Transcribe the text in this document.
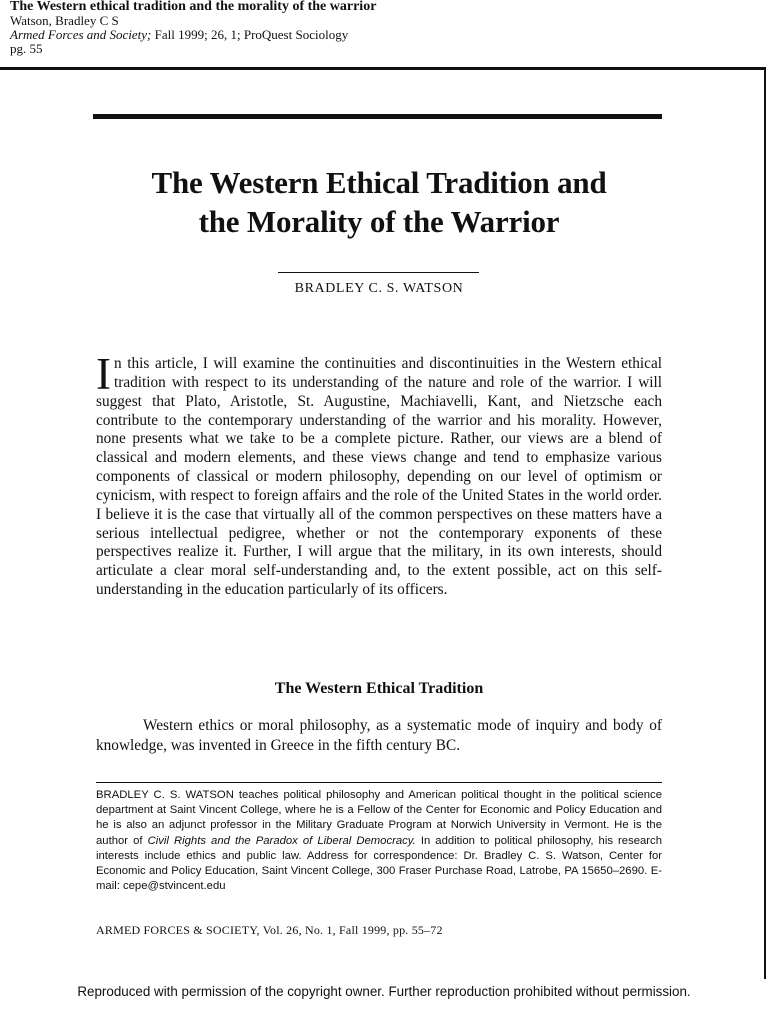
The Western ethical tradition and the morality of the warrior
Watson, Bradley C S
Armed Forces and Society; Fall 1999; 26, 1; ProQuest Sociology
pg. 55
The Western Ethical Tradition and
the Morality of the Warrior
BRADLEY C. S. WATSON

In this article, I will examine the continuities and discontinuities in the Western ethical tradition with respect to its understanding of the nature and role of the warrior. I will suggest that Plato, Aristotle, St. Augustine, Machiavelli, Kant, and Nietzsche each contribute to the contemporary understanding of the warrior and his morality. However, none presents what we take to be a complete picture. Rather, our views are a blend of classical and modern elements, and these views change and tend to emphasize various components of classical or modern philosophy, depending on our level of optimism or cynicism, with respect to foreign affairs and the role of the United States in the world order. I believe it is the case that virtually all of the common perspectives on these matters have a serious intellectual pedigree, whether or not the contemporary exponents of these perspectives realize it. Further, I will argue that the military, in its own interests, should articulate a clear moral self-understanding and, to the extent possible, act on this self-understanding in the education particularly of its officers.

The Western Ethical Tradition

Western ethics or moral philosophy, as a systematic mode of inquiry and body of knowledge, was invented in Greece in the fifth century BC.

BRADLEY C. S. WATSON teaches political philosophy and American political thought in the political science department at Saint Vincent College, where he is a Fellow of the Center for Economic and Policy Education and he is also an adjunct professor in the Military Graduate Program at Norwich University in Vermont. He is the author of Civil Rights and the Paradox of Liberal Democracy. In addition to political philosophy, his research interests include ethics and public law. Address for correspondence: Dr. Bradley C. S. Watson, Center for Economic and Policy Education, Saint Vincent College, 300 Fraser Purchase Road, Latrobe, PA 15650–2690. E-mail: cepe@stvincent.edu

ARMED FORCES & SOCIETY, Vol. 26, No. 1, Fall 1999, pp. 55–72
Reproduced with permission of the copyright owner. Further reproduction prohibited without permission.
